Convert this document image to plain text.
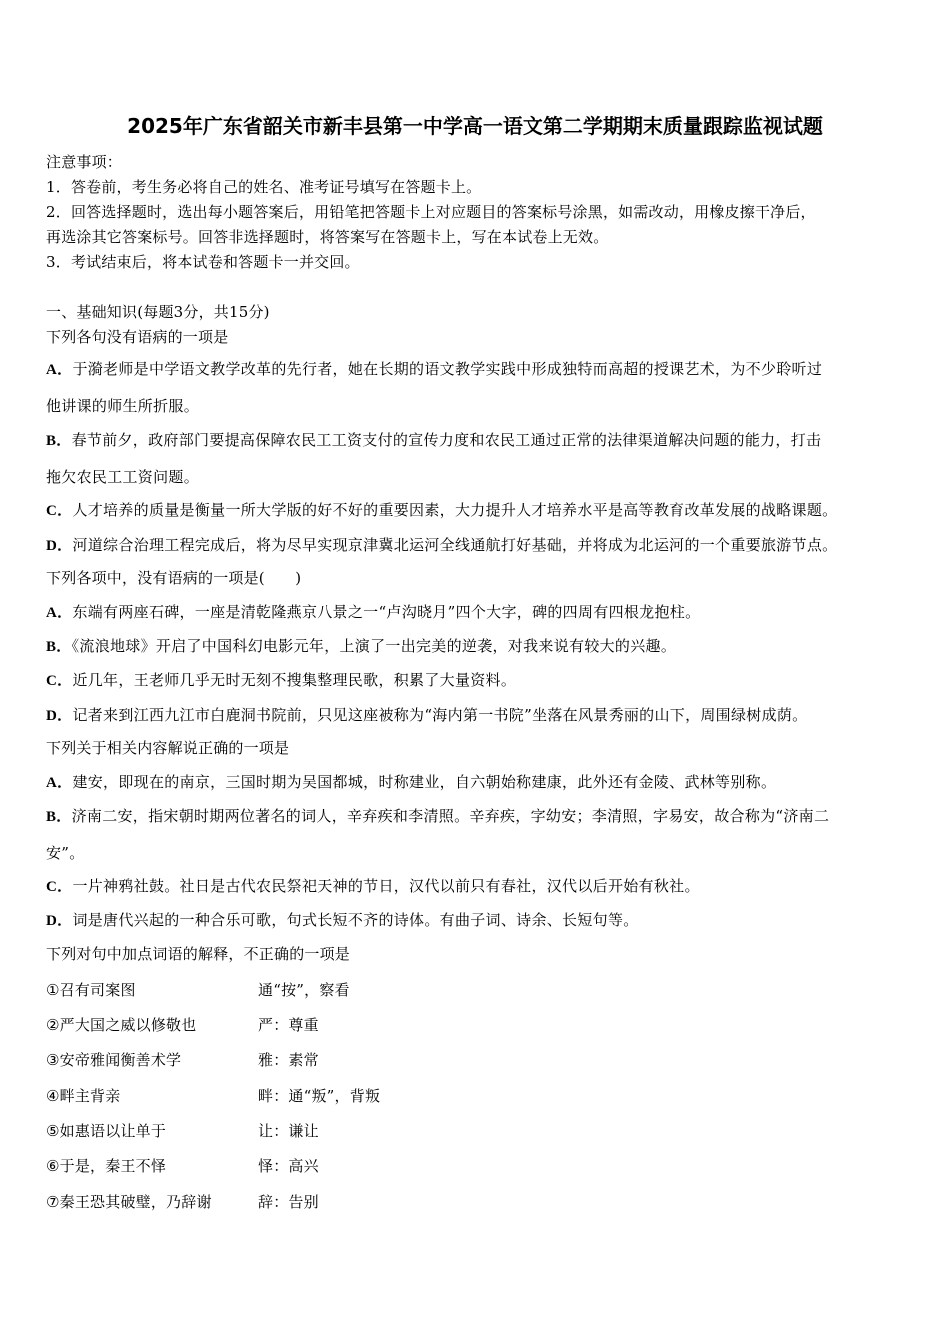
2025年广东省韶关市新丰县第一中学高一语文第二学期期末质量跟踪监视试题
注意事项：
1．答卷前，考生务必将自己的姓名、准考证号填写在答题卡上。
2．回答选择题时，选出每小题答案后，用铅笔把答题卡上对应题目的答案标号涂黑，如需改动，用橡皮擦干净后，
再选涂其它答案标号。回答非选择题时，将答案写在答题卡上，写在本试卷上无效。
3．考试结束后，将本试卷和答题卡一并交回。
一、基础知识(每题3分，共15分)
下列各句没有语病的一项是
A．于漪老师是中学语文教学改革的先行者，她在长期的语文教学实践中形成独特而高超的授课艺术，为不少聆听过
他讲课的师生所折服。
B．春节前夕，政府部门要提高保障农民工工资支付的宣传力度和农民工通过正常的法律渠道解决问题的能力，打击
拖欠农民工工资问题。
C．人才培养的质量是衡量一所大学版的好不好的重要因素，大力提升人才培养水平是高等教育改革发展的战略课题。
D．河道综合治理工程完成后，将为尽早实现京津冀北运河全线通航打好基础，并将成为北运河的一个重要旅游节点。
下列各项中，没有语病的一项是(　　)
A．东端有两座石碑，一座是清乾隆燕京八景之一“卢沟晓月”四个大字，碑的四周有四根龙抱柱。
B．《流浪地球》开启了中国科幻电影元年，上演了一出完美的逆袭，对我来说有较大的兴趣。
C．近几年，王老师几乎无时无刻不搜集整理民歌，积累了大量资料。
D．记者来到江西九江市白鹿洞书院前，只见这座被称为“海内第一书院”坐落在风景秀丽的山下，周围绿树成荫。
下列关于相关内容解说正确的一项是
A．建安，即现在的南京，三国时期为吴国都城，时称建业，自六朝始称建康，此外还有金陵、武林等别称。
B．济南二安，指宋朝时期两位著名的词人，辛弃疾和李清照。辛弃疾，字幼安；李清照，字易安，故合称为“济南二
安”。
C．一片神鸦社鼓。社日是古代农民祭祀天神的节日，汉代以前只有春社，汉代以后开始有秋社。
D．词是唐代兴起的一种合乐可歌，句式长短不齐的诗体。有曲子词、诗余、长短句等。
下列对句中加点词语的解释，不正确的一项是
①召有司案图	通“按”，察看
②严大国之威以修敬也	严：尊重
③安帝雅闻衡善术学	雅：素常
④畔主背亲	畔：通“叛”，背叛
⑤如惠语以让单于	让：谦让
⑥于是，秦王不怿	怿：高兴
⑦秦王恐其破璧，乃辞谢	辞：告别
